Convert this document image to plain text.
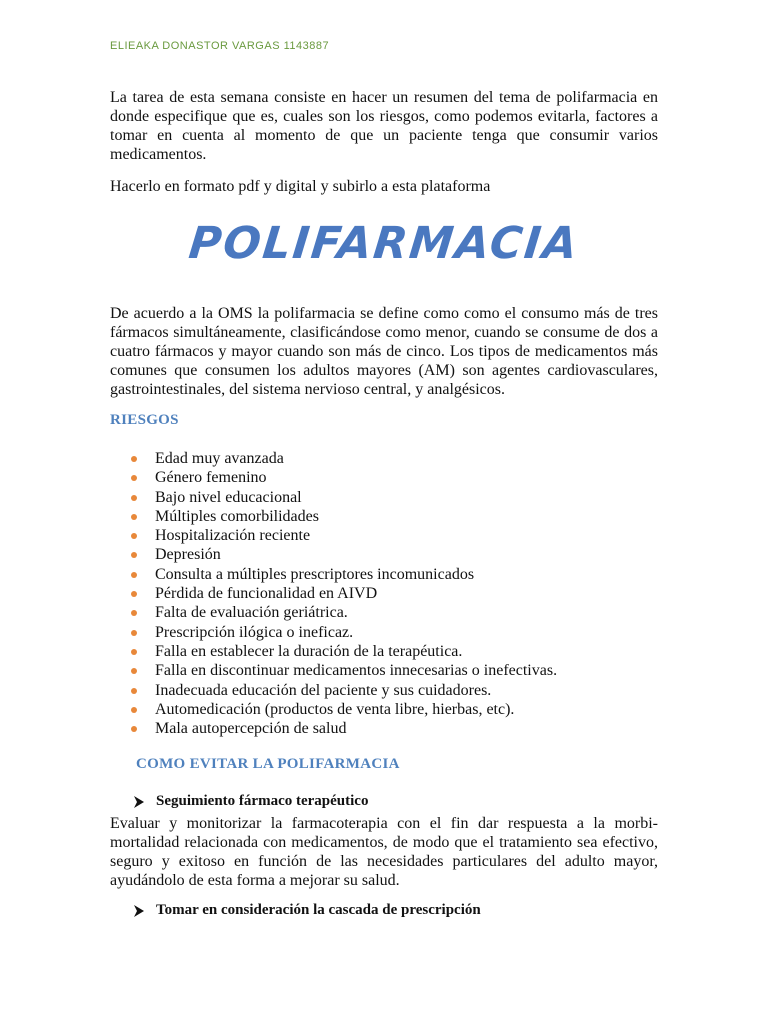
ELIEAKA DONASTOR VARGAS 1143887

La tarea de esta semana consiste en hacer un resumen del tema de polifarmacia en donde especifique que es, cuales son los riesgos, como podemos evitarla, factores a tomar en cuenta al momento de que un paciente tenga que consumir varios medicamentos.

Hacerlo en formato pdf y digital y subirlo a esta plataforma

POLIFARMACIA

De acuerdo a la OMS la polifarmacia se define como como el consumo más de tres fármacos simultáneamente, clasificándose como menor, cuando se consume de dos a cuatro fármacos y mayor cuando son más de cinco. Los tipos de medicamentos más comunes que consumen los adultos mayores (AM) son agentes cardiovasculares, gastrointestinales, del sistema nervioso central, y analgésicos.

RIESGOS
Edad muy avanzada
Género femenino
Bajo nivel educacional
Múltiples comorbilidades
Hospitalización reciente
Depresión
Consulta a múltiples prescriptores incomunicados
Pérdida de funcionalidad en AIVD
Falta de evaluación geriátrica.
Prescripción ilógica o ineficaz.
Falla en establecer la duración de la terapéutica.
Falla en discontinuar medicamentos innecesarias o inefectivas.
Inadecuada educación del paciente y sus cuidadores.
Automedicación (productos de venta libre, hierbas, etc).
Mala autopercepción de salud
COMO EVITAR LA POLIFARMACIA
Seguimiento fármaco terapéutico

Evaluar y monitorizar la farmacoterapia con el fin dar respuesta a la morbi-mortalidad relacionada con medicamentos, de modo que el tratamiento sea efectivo, seguro y exitoso en función de las necesidades particulares del adulto mayor, ayudándolo de esta forma a mejorar su salud.

Tomar en consideración la cascada de prescripción
